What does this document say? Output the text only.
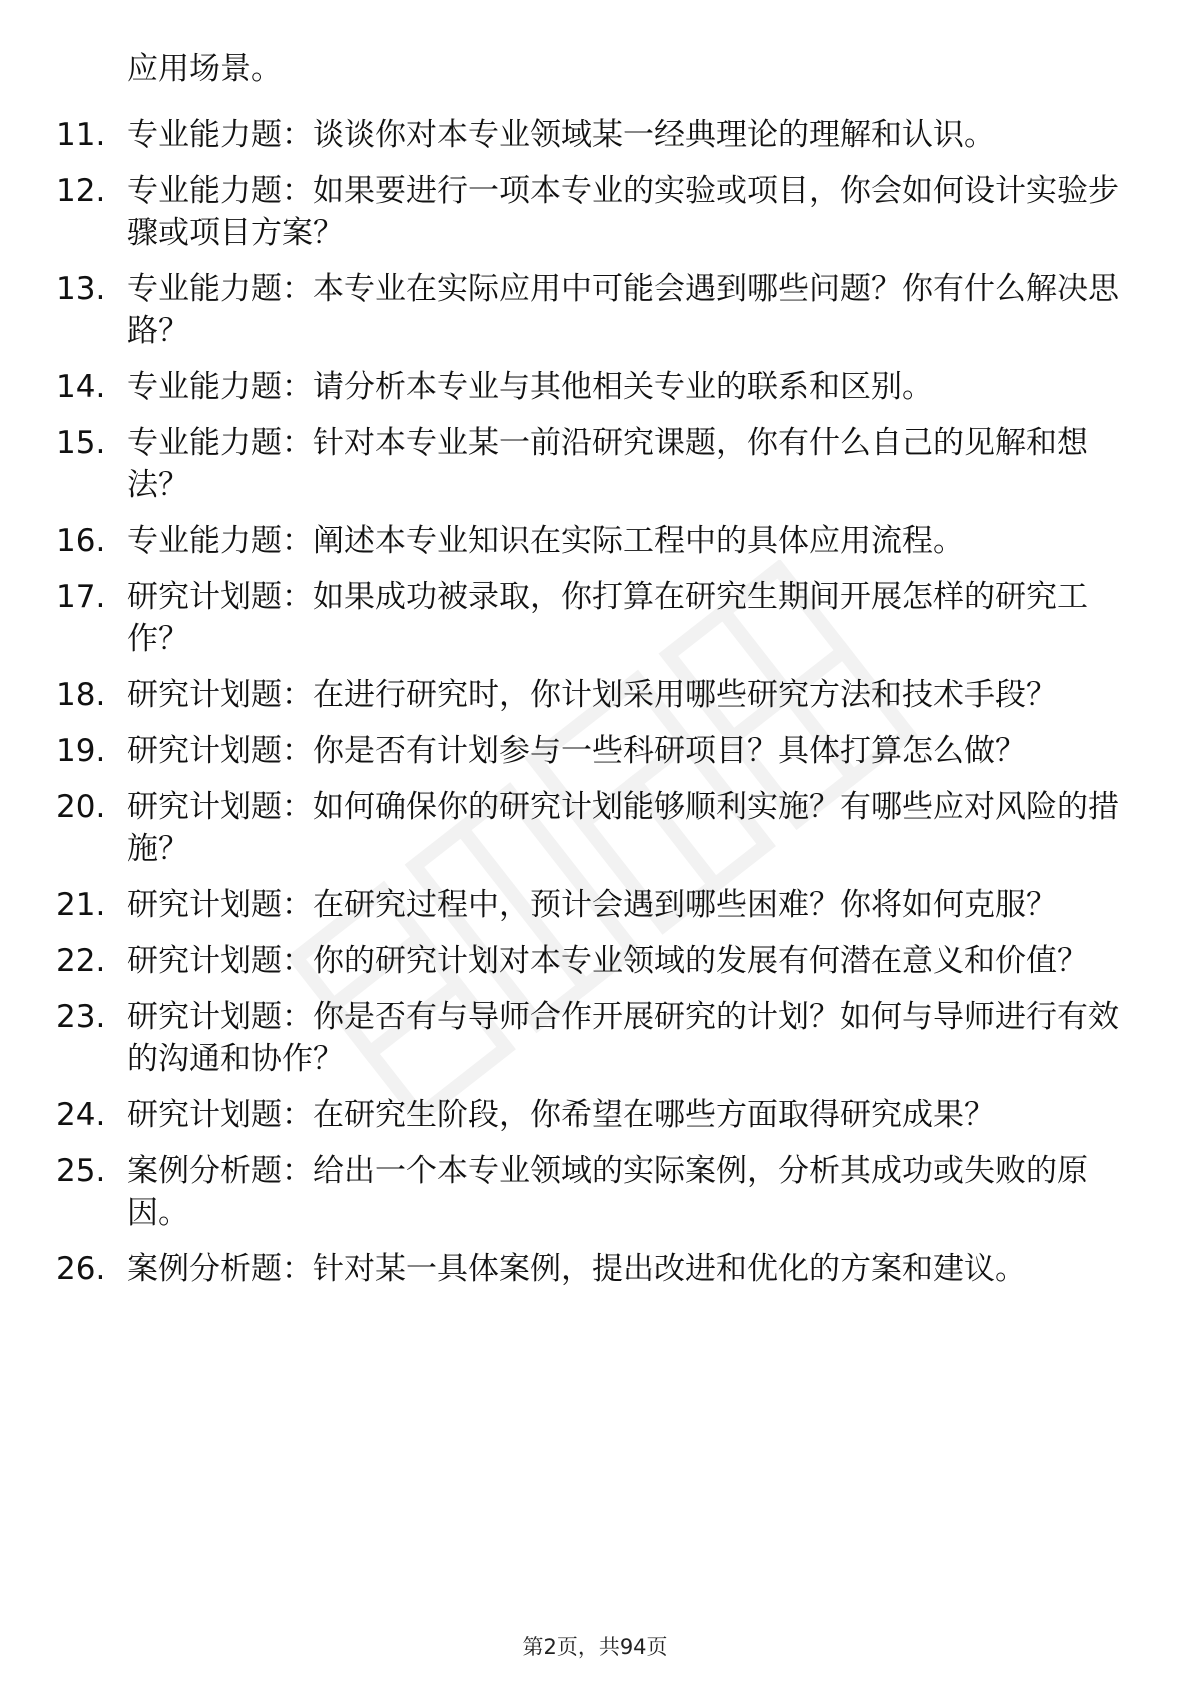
应用场景。
11. 专业能力题：谈谈你对本专业领域某一经典理论的理解和认识。
12. 专业能力题：如果要进行一项本专业的实验或项目，你会如何设计实验步骤或项目方案？
13. 专业能力题：本专业在实际应用中可能会遇到哪些问题？你有什么解决思路？
14. 专业能力题：请分析本专业与其他相关专业的联系和区别。
15. 专业能力题：针对本专业某一前沿研究课题，你有什么自己的见解和想法？
16. 专业能力题：阐述本专业知识在实际工程中的具体应用流程。
17. 研究计划题：如果成功被录取，你打算在研究生期间开展怎样的研究工作？
18. 研究计划题：在进行研究时，你计划采用哪些研究方法和技术手段？
19. 研究计划题：你是否有计划参与一些科研项目？具体打算怎么做？
20. 研究计划题：如何确保你的研究计划能够顺利实施？有哪些应对风险的措施？
21. 研究计划题：在研究过程中，预计会遇到哪些困难？你将如何克服？
22. 研究计划题：你的研究计划对本专业领域的发展有何潜在意义和价值？
23. 研究计划题：你是否有与导师合作开展研究的计划？如何与导师进行有效的沟通和协作？
24. 研究计划题：在研究生阶段，你希望在哪些方面取得研究成果？
25. 案例分析题：给出一个本专业领域的实际案例，分析其成功或失败的原因。
26. 案例分析题：针对某一具体案例，提出改进和优化的方案和建议。
第2页，共94页
